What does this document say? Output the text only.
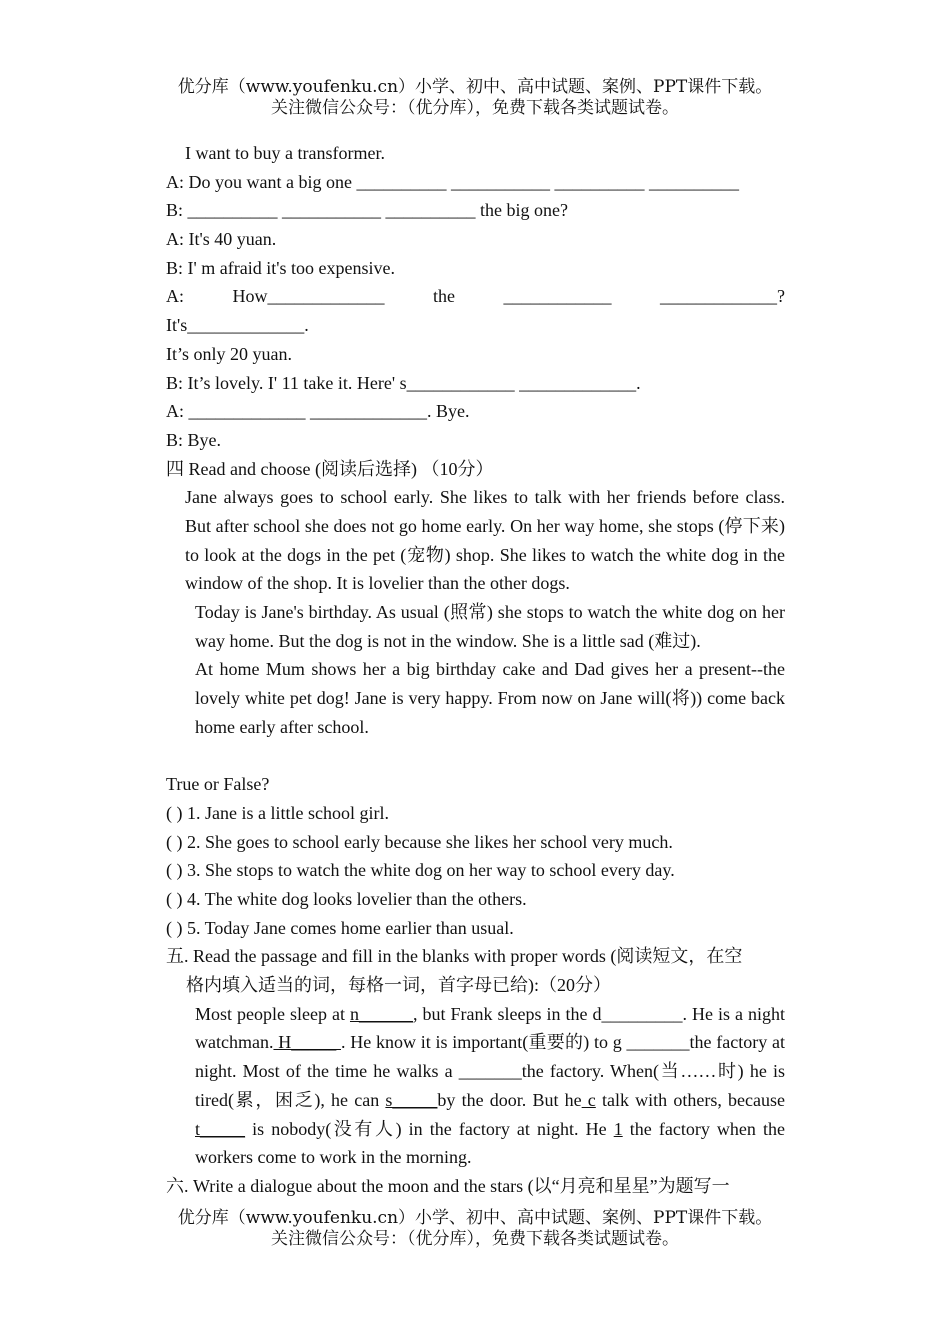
优分库（www.youfenku.cn）小学、初中、高中试题、案例、PPT课件下载。
关注微信公众号：（优分库），免费下载各类试题试卷。
I want to buy a transformer.
A: Do you want a big one __________ ___________ __________ __________
B: __________ ___________ __________ the big one?
A: It's 40 yuan.
B: I' m afraid it's too expensive.
A:	How_____________	the	____________	_____________?
It's_____________.
It’s only 20 yuan.
B: It’s lovely. I' 11 take it. Here' s____________ _____________.
A: _____________ _____________. Bye.
B: Bye.
四 Read and choose (阅读后选择) （10分）

Jane always goes to school early. She likes to talk with her friends before class. But after school she does not go home early. On her way home, she stops (停下来) to look at the dogs in the pet (宠物) shop. She likes to watch the white dog in the window of the shop. It is lovelier than the other dogs.

Today is Jane's birthday. As usual (照常) she stops to watch the white dog on her way home. But the dog is not in the window. She is a little sad (难过).

At home Mum shows her a big birthday cake and Dad gives her a present--the lovely white pet dog! Jane is very happy. From now on Jane will(将)) come back home early after school.

True or False?
( ) 1. Jane is a little school girl.
( ) 2. She goes to school early because she likes her school very much.
( ) 3. She stops to watch the white dog on her way to school every day.
( ) 4. The white dog looks lovelier than the others.
( ) 5. Today Jane comes home earlier than usual.
五. Read the passage and fill in the blanks with proper words (阅读短文，在空
格内填入适当的词，每格一词，首字母已给):（20分）

Most people sleep at n______, but Frank sleeps in the d_________. He is a night watchman. H_____ . He know it is important(重要的) to g _______the factory at night. Most of the time he walks a _______the factory. When(当……时) he is tired(累，困乏), he can s_____by the door. But he c talk with others, because t_____ is nobody(没有人) in the factory at night. He 1 the factory when the workers come to work in the morning.

六. Write a dialogue about the moon and the stars (以“月亮和星星”为题写一
优分库（www.youfenku.cn）小学、初中、高中试题、案例、PPT课件下载。
关注微信公众号：（优分库），免费下载各类试题试卷。
